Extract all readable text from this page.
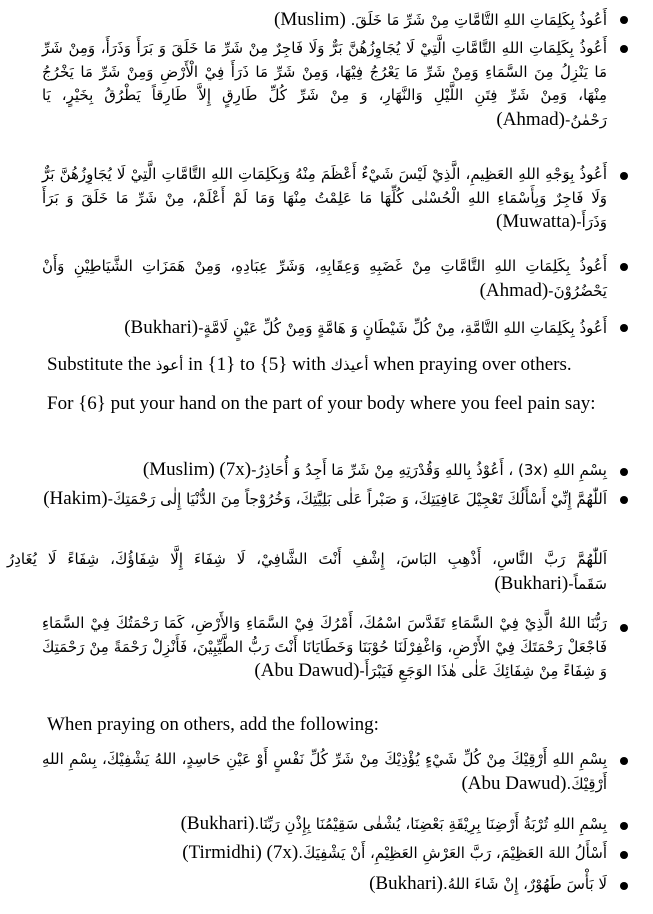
أَعُوذُ بِكَلِمَاتِ اللهِ التَّامَّاتِ مِنْ شَرِّ مَا خَلَقَ. (Muslim)
أَعُوذُ بِكَلِمَاتِ اللهِ التَّامَّاتِ الَّتِيْ لَا يُجَاوِزُهُنَّ بَرٌّ وَلَا فَاجِرٌ مِنْ شَرِّ مَا خَلَقَ وَ بَرَأَ وَذَرَأَ، وَمِنْ شَرِّ مَا يَنْزِلُ مِنَ السَّمَاءِ وَمِنْ شَرِّ مَا يَعْرُجُ فِيْهَا، وَمِنْ شَرِّ مَا ذَرَأَ فِيْ الْأَرْضِ وَمِنْ شَرِّ مَا يَخْرُجُ مِنْهَا، وَمِنْ شَرِّ فِتَنِ اللَّيْلِ وَالنَّهَارِ، وَ مِنْ شَرِّ كُلِّ طَارِقٍ إِلاَّ طَارِقاً يَطْرُقُ بِخَيْرٍ، يَا رَحْمٰنُ-(Ahmad)
أَعُوذُ بِوَجْهِ اللهِ العَظِيمِ، الَّذِيْ لَيْسَ شَيْءٌ أَعْظَمَ مِنْهُ وَبِكَلِمَاتِ اللهِ التَّامَّاتِ الَّتِيْ لَا يُجَاوِزُهُنَّ بَرٌّ وَلَا فَاجِرٌ وَبِأَسْمَاءِ اللهِ الْحُسْنٰى كُلِّهَا مَا عَلِمْتُ مِنْهَا وَمَا لَمْ أَعْلَمْ، مِنْ شَرِّ مَا خَلَقَ وَ بَرَأَ وَذَرَأَ-(Muwatta)
أَعُوذُ بِكَلِمَاتِ اللهِ التَّامَّاتِ مِنْ غَضَبِهِ وَعِقَابِهِ، وَشَرِّ عِبَادِهِ، وَمِنْ هَمَزَاتِ الشَّيَاطِيْنِ وَأَنْ يَحْضُرُوْنَ-(Ahmad)
أَعُوذُ بِكَلِمَاتِ اللهِ التَّامَّةِ، مِنْ كُلِّ شَيْطَانٍ وَ هَامَّةٍ وَمِنْ كُلِّ عَيْنٍ لَامَّةٍ-(Bukhari)
Substitute the أعوذ in {1} to {5} with أعيذك when praying over others.
For {6} put your hand on the part of your body where you feel pain say:
بِسْمِ اللهِ (3x) ، أَعُوْذُ بِاللهِ وَقُدْرَتِهِ مِنْ شَرِّ مَا أَجِدُ وَ أُحَاذِرُ-(Muslim) (7x)
اَللّٰهُمَّ إِنِّيْ أَسْأَلُكَ تَعْجِيْلَ عَافِيَتِكَ، وَ صَبْراً عَلٰى بَلِيَّتِكَ، وَخُرُوْجاً مِنَ الدُّنْيَا إِلٰى رَحْمَتِكَ-(Hakim)
اَللّٰهُمَّ رَبَّ النَّاسِ، أَذْهِبِ البَاسَ، إِشْفِ أَنْتَ الشَّافِيْ، لَا شِفَاءَ إِلَّا شِفَاؤُكَ، شِفَاءً لَا يُغَادِرُ سَقَماً-(Bukhari)
رَبُّنَا اللهُ الَّذِيْ فِيْ السَّمَاءِ تَقَدَّسَ اسْمُكَ، أَمْرُكَ فِيْ السَّمَاءِ وَالأَرْضِ، كَمَا رَحْمَتُكَ فِيْ السَّمَاءِ فَاجْعَلْ رَحْمَتَكَ فِيْ الأَرْضِ، وَاغْفِرْلَنَا حُوْبَنَا وَخَطَايَانَا أَنْتَ رَبُّ الطَّيِّبِيْنَ، فَأَنْزِلْ رَحْمَةً مِنْ رَحْمَتِكَ وَ شِفَاءً مِنْ شِفَائِكَ عَلٰى هٰذَا الوَجَعِ فَيَبْرَأَ-(Abu Dawud)
When praying on others, add the following:
بِسْمِ اللهِ أَرْقِيْكَ مِنْ كُلِّ شَيْءٍ يُؤْذِيْكَ مِنْ شَرِّ كُلِّ نَفْسٍ أَوْ عَيْنِ حَاسِدٍ، اللهُ يَشْفِيْكَ، بِسْمِ اللهِ أَرْقِيْكَ.(Abu Dawud)
بِسْمِ اللهِ تُرْبَةُ أَرْضِنَا بِرِيْقَةِ بَعْضِنَا، يُشْفٰى سَقِيْمُنَا بِإِذْنِ رَبِّنَا.(Bukhari)
أَسْأَلُ اللهَ العَظِيْمَ، رَبَّ العَرْشِ العَظِيْمِ، أَنْ يَشْفِيَكَ.(Tirmidhi) (7x)
لَا بَأْسَ طَهُوْرٌ، إِنْ شَاءَ اللهُ.(Bukhari)
